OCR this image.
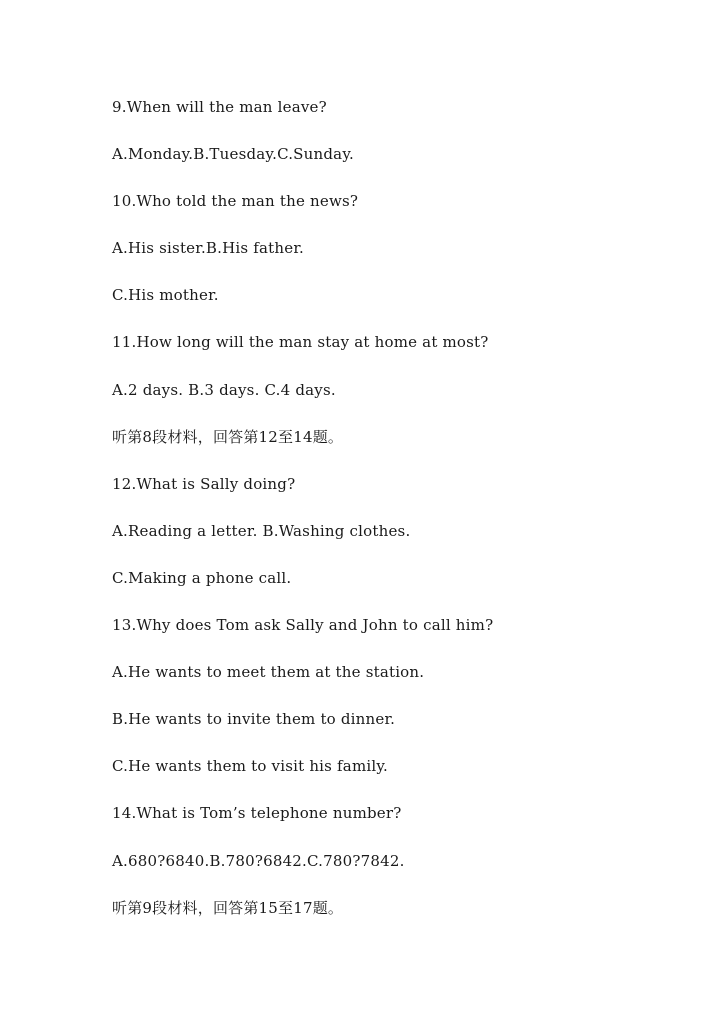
9.When will the man leave?
A.Monday.B.Tuesday.C.Sunday.
10.Who told the man the news?
A.His sister.B.His father.
C.His mother.
11.How long will the man stay at home at most?
A.2 days. B.3 days. C.4 days.
听第8段材料，回答第12至14题。
12.What is Sally doing?
A.Reading a letter. B.Washing clothes.
C.Making a phone call.
13.Why does Tom ask Sally and John to call him?
A.He wants to meet them at the station.
B.He wants to invite them to dinner.
C.He wants them to visit his family.
14.What is Tom’s telephone number?
A.680?6840.B.780?6842.C.780?7842.
听第9段材料，回答第15至17题。
